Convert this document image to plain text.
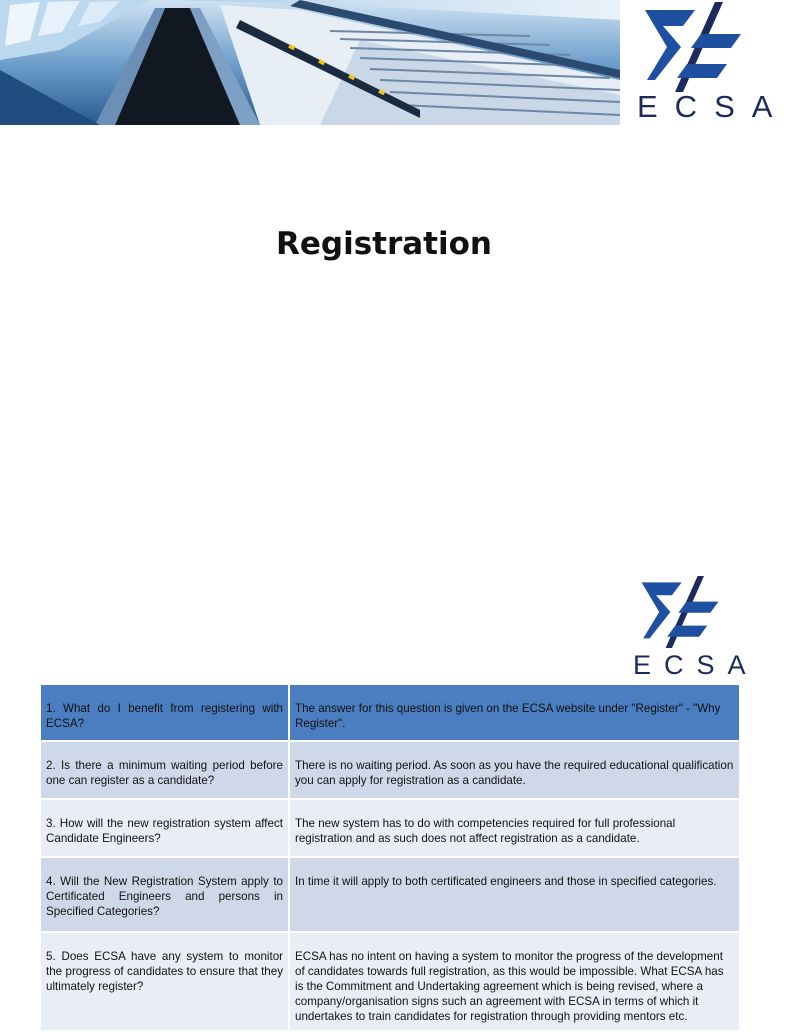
ECSA
Registration
ECSA
1. What do I benefit from registering with ECSA?	The answer for this question is given on the ECSA website under "Register" - "Why Register".
2. Is there a minimum waiting period before one can register as a candidate?	There is no waiting period. As soon as you have the required educational qualification you can apply for registration as a candidate.
3. How will the new registration system affect Candidate Engineers?	The new system has to do with competencies required for full professional registration and as such does not affect registration as a candidate.
4. Will the New Registration System apply to Certificated Engineers and persons in Specified Categories?	In time it will apply to both certificated engineers and those in specified categories.
5. Does ECSA have any system to monitor the progress of candidates to ensure that they ultimately register?	ECSA has no intent on having a system to monitor the progress of the development of candidates towards full registration, as this would be impossible. What ECSA has is the Commitment and Undertaking agreement which is being revised, where a company/organisation signs such an agreement with ECSA in terms of which it undertakes to train candidates for registration through providing mentors etc.
